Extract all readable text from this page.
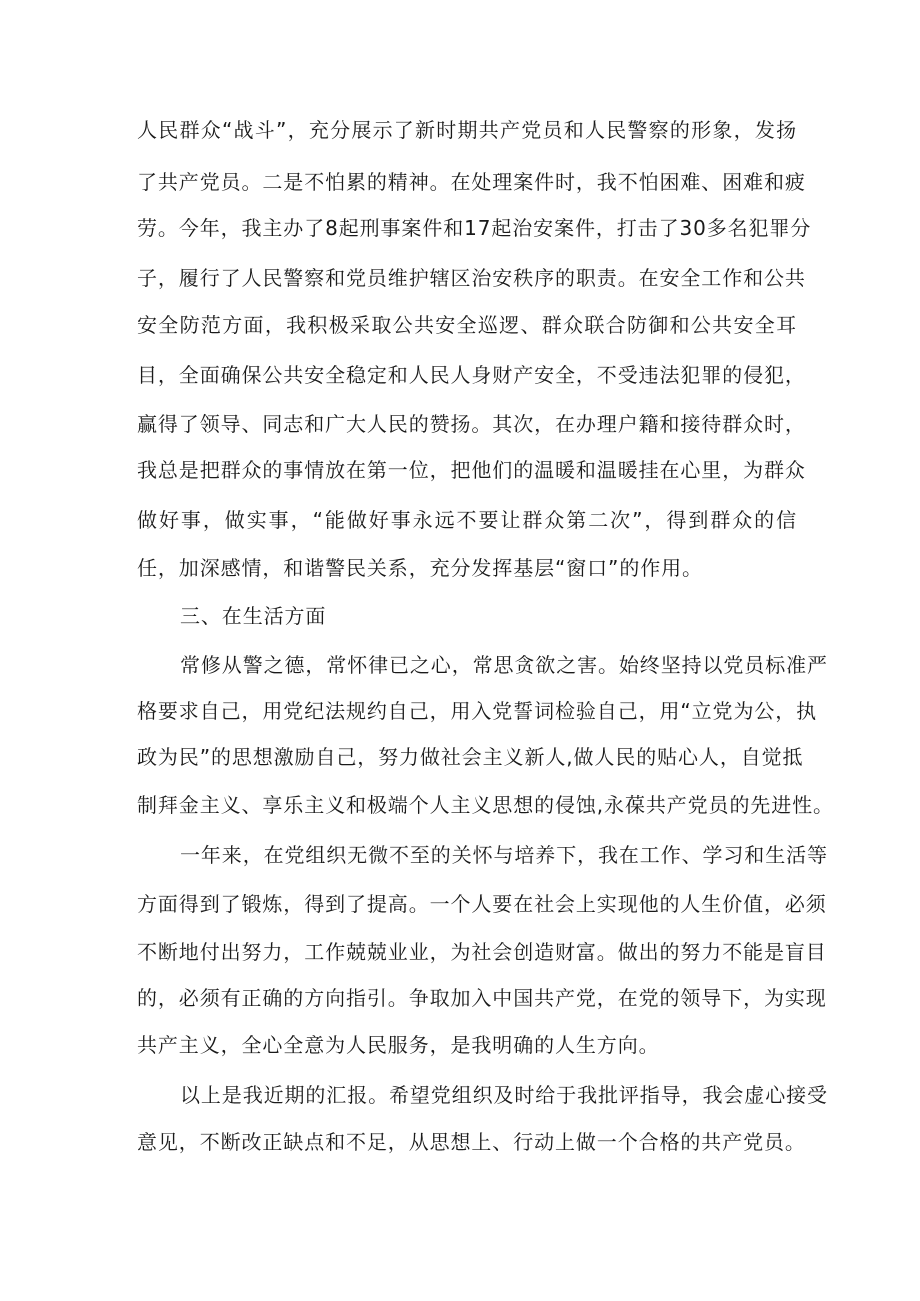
人民群众“战斗”，充分展示了新时期共产党员和人民警察的形象，发扬
了共产党员。二是不怕累的精神。在处理案件时，我不怕困难、困难和疲
劳。今年，我主办了8起刑事案件和17起治安案件，打击了30多名犯罪分
子，履行了人民警察和党员维护辖区治安秩序的职责。在安全工作和公共
安全防范方面，我积极采取公共安全巡逻、群众联合防御和公共安全耳
目，全面确保公共安全稳定和人民人身财产安全，不受违法犯罪的侵犯，
赢得了领导、同志和广大人民的赞扬。其次，在办理户籍和接待群众时，
我总是把群众的事情放在第一位，把他们的温暖和温暖挂在心里，为群众
做好事，做实事，“能做好事永远不要让群众第二次”，得到群众的信
任，加深感情，和谐警民关系，充分发挥基层“窗口”的作用。
三、在生活方面
常修从警之德，常怀律已之心，常思贪欲之害。始终坚持以党员标准严
格要求自己，用党纪法规约自己，用入党誓词检验自己，用“立党为公，执
政为民”的思想激励自己，努力做社会主义新人,做人民的贴心人，自觉抵
制拜金主义、享乐主义和极端个人主义思想的侵蚀,永葆共产党员的先进性。
一年来，在党组织无微不至的关怀与培养下，我在工作、学习和生活等
方面得到了锻炼，得到了提高。一个人要在社会上实现他的人生价值，必须
不断地付出努力，工作兢兢业业，为社会创造财富。做出的努力不能是盲目
的，必须有正确的方向指引。争取加入中国共产党，在党的领导下，为实现
共产主义，全心全意为人民服务，是我明确的人生方向。
以上是我近期的汇报。希望党组织及时给于我批评指导，我会虚心接受
意见，不断改正缺点和不足，从思想上、行动上做一个合格的共产党员。
